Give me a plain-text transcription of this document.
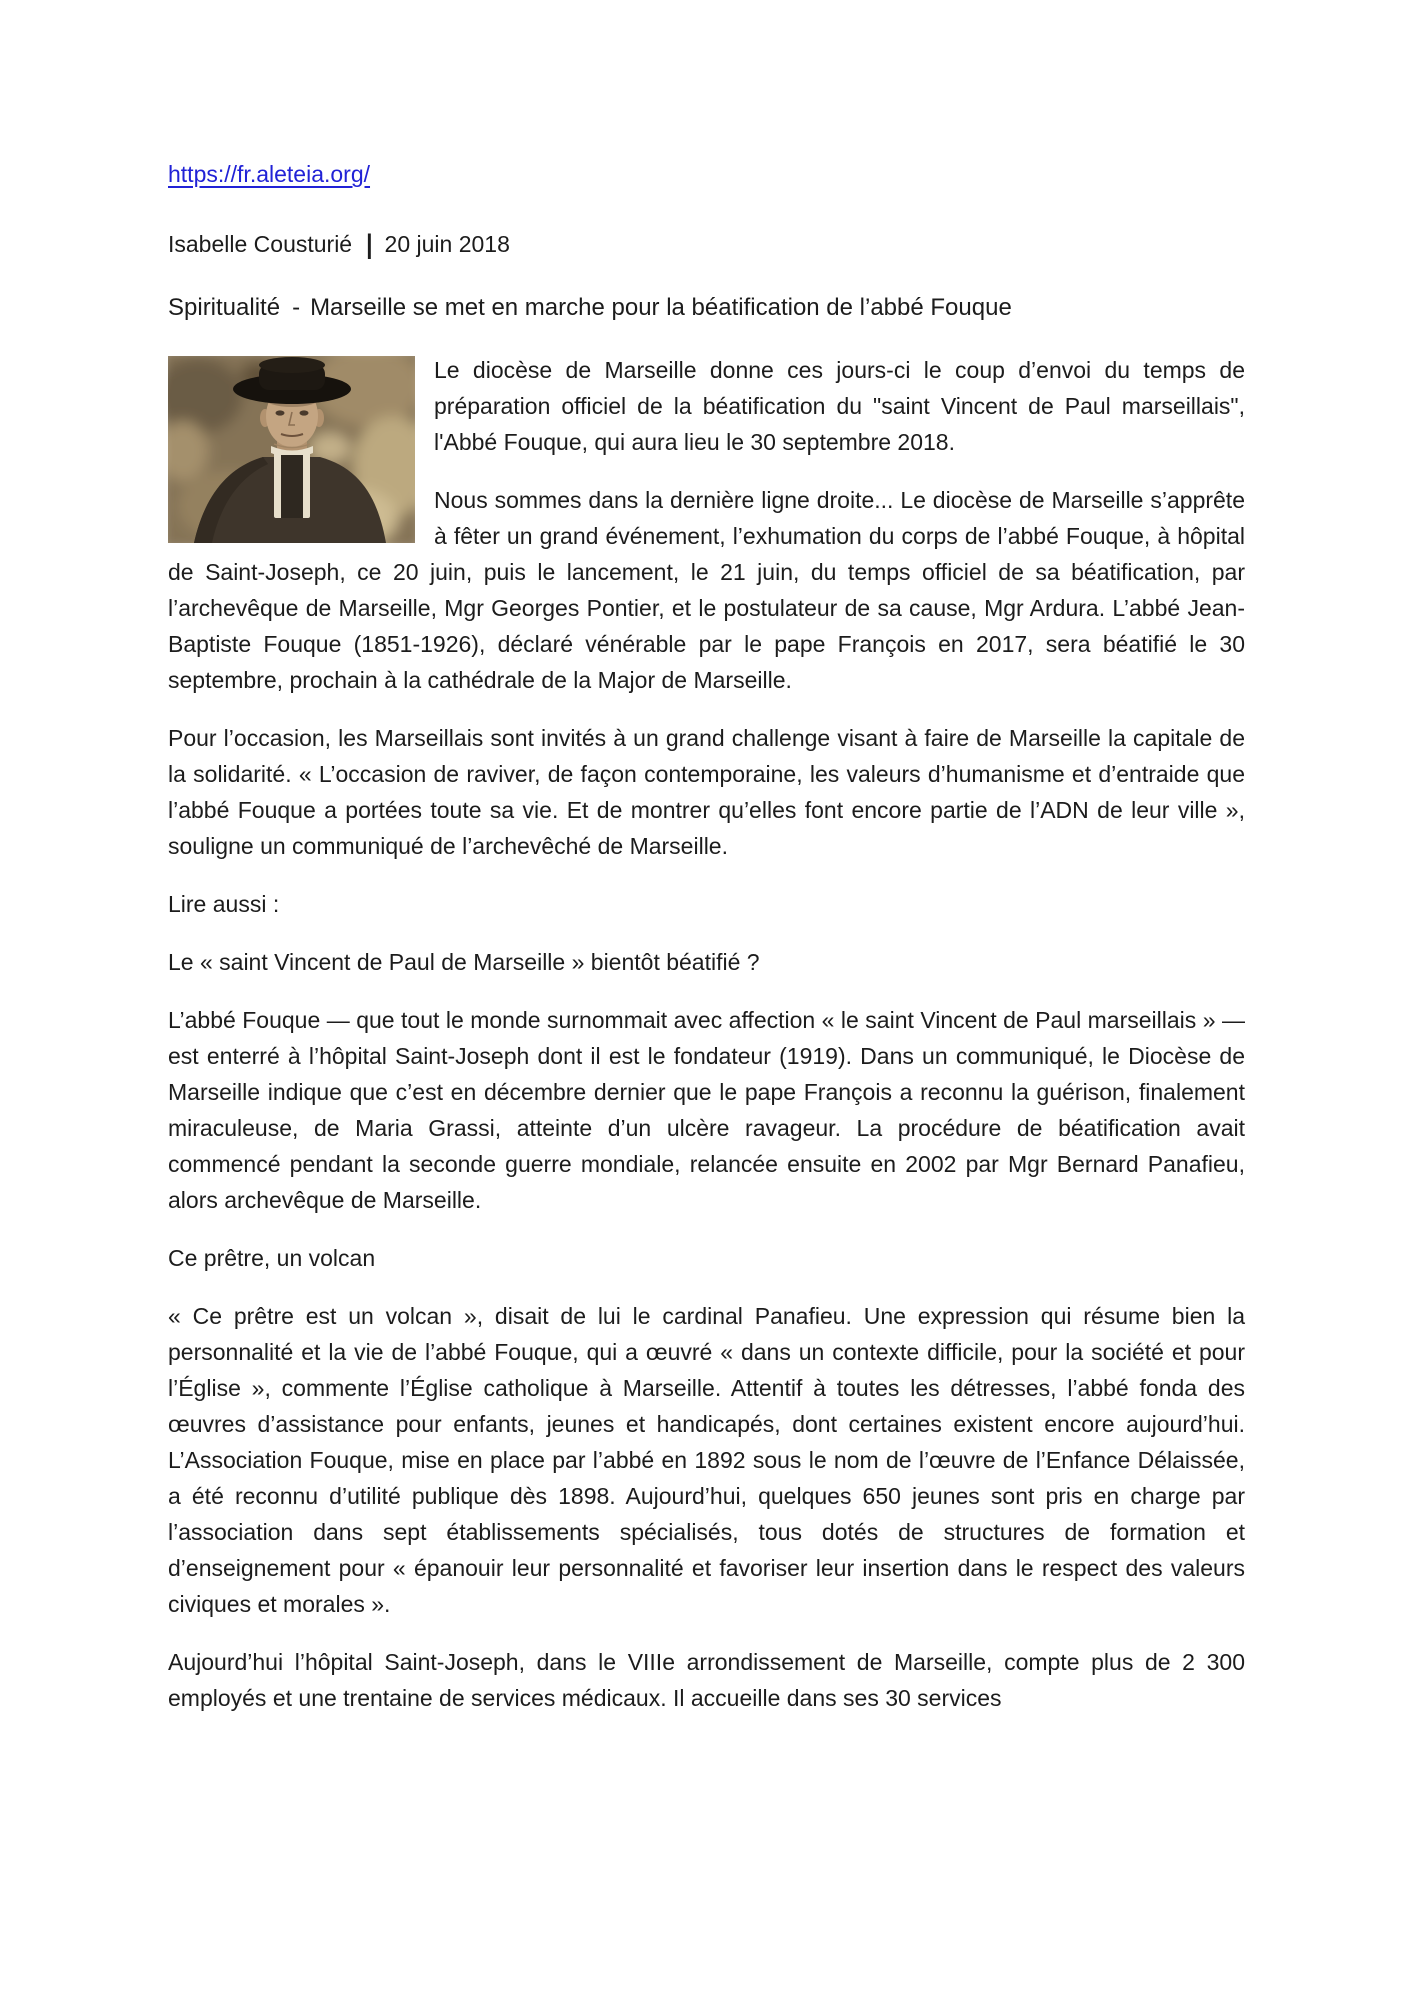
https://fr.aleteia.org/
Isabelle Cousturié | 20 juin 2018
Spiritualité - Marseille se met en marche pour la béatification de l’abbé Fouque

Le diocèse de Marseille donne ces jours-ci le coup d’envoi du temps de préparation officiel de la béatification du "saint Vincent de Paul marseillais", l'Abbé Fouque, qui aura lieu le 30 septembre 2018.

Nous sommes dans la dernière ligne droite... Le diocèse de Marseille s’apprête à fêter un grand événement, l’exhumation du corps de l’abbé Fouque, à hôpital de Saint-Joseph, ce 20 juin, puis le lancement, le 21 juin, du temps officiel de sa béatification, par l’archevêque de Marseille, Mgr Georges Pontier, et le postulateur de sa cause, Mgr Ardura. L’abbé Jean-Baptiste Fouque (1851-1926), déclaré vénérable par le pape François en 2017, sera béatifié le 30 septembre, prochain à la cathédrale de la Major de Marseille.

Pour l’occasion, les Marseillais sont invités à un grand challenge visant à faire de Marseille la capitale de la solidarité. « L’occasion de raviver, de façon contemporaine, les valeurs d’humanisme et d’entraide que l’abbé Fouque a portées toute sa vie. Et de montrer qu’elles font encore partie de l’ADN de leur ville », souligne un communiqué de l’archevêché de Marseille.

Lire aussi :

Le « saint Vincent de Paul de Marseille » bientôt béatifié ?

L’abbé Fouque — que tout le monde surnommait avec affection « le saint Vincent de Paul marseillais » — est enterré à l’hôpital Saint-Joseph dont il est le fondateur (1919). Dans un communiqué, le Diocèse de Marseille indique que c’est en décembre dernier que le pape François a reconnu la guérison, finalement miraculeuse, de Maria Grassi, atteinte d’un ulcère ravageur. La procédure de béatification avait commencé pendant la seconde guerre mondiale, relancée ensuite en 2002 par Mgr Bernard Panafieu, alors archevêque de Marseille.

Ce prêtre, un volcan

« Ce prêtre est un volcan », disait de lui le cardinal Panafieu. Une expression qui résume bien la personnalité et la vie de l’abbé Fouque, qui a œuvré « dans un contexte difficile, pour la société et pour l’Église », commente l’Église catholique à Marseille. Attentif à toutes les détresses, l’abbé fonda des œuvres d’assistance pour enfants, jeunes et handicapés, dont certaines existent encore aujourd’hui. L’Association Fouque, mise en place par l’abbé en 1892 sous le nom de l’œuvre de l’Enfance Délaissée, a été reconnu d’utilité publique dès 1898. Aujourd’hui, quelques 650 jeunes sont pris en charge par l’association dans sept établissements spécialisés, tous dotés de structures de formation et d’enseignement pour « épanouir leur personnalité et favoriser leur insertion dans le respect des valeurs civiques et morales ».

Aujourd’hui l’hôpital Saint-Joseph, dans le VIIIe arrondissement de Marseille, compte plus de 2 300 employés et une trentaine de services médicaux. Il accueille dans ses 30 services
